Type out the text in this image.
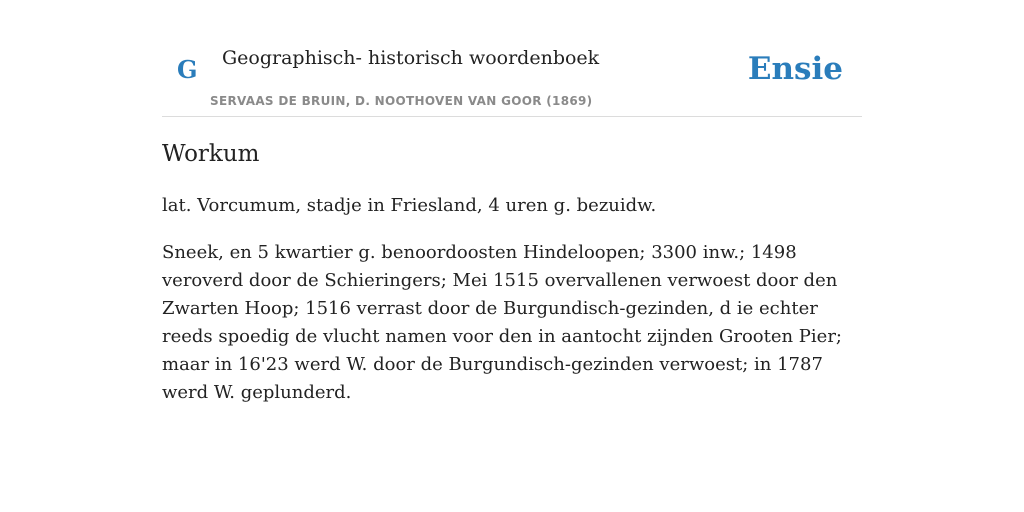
G Geographisch- historisch woordenboek
SERVAAS DE BRUIN, D. NOOTHOVEN VAN GOOR (1869)
Ensie
Workum

lat. Vorcumum, stadje in Friesland, 4 uren g. bezuidw.

Sneek, en 5 kwartier g. benoordoosten Hindeloopen; 3300 inw.; 1498 veroverd door de Schieringers; Mei 1515 overvallenen verwoest door den Zwarten Hoop; 1516 verrast door de Burgundisch-gezinden, d ie echter reeds spoedig de vlucht namen voor den in aantocht zijnden Grooten Pier; maar in 16'23 werd W. door de Burgundisch-gezinden verwoest; in 1787 werd W. geplunderd.
